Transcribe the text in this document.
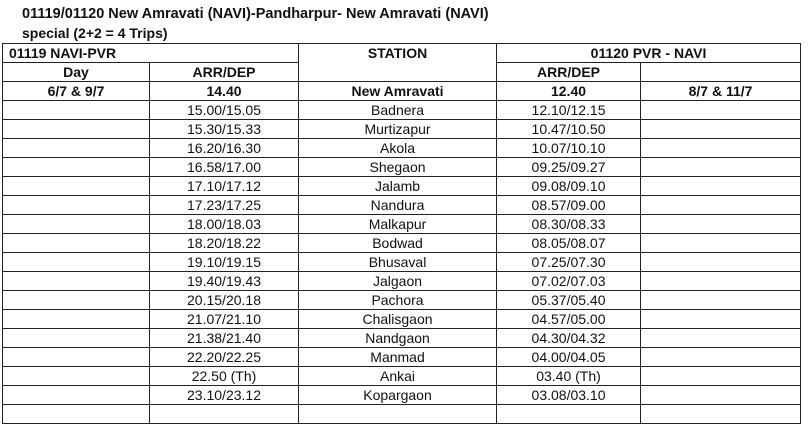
01119/01120 New Amravati (NAVI)-Pandharpur- New Amravati (NAVI)
special (2+2 = 4 Trips)
01119 NAVI-PVR		STATION	01120 PVR - NAVI	
Day	ARR/DEP		ARR/DEP	
6/7 & 9/7	14.40	New Amravati	12.40	8/7 & 11/7
	15.00/15.05	Badnera	12.10/12.15	
	15.30/15.33	Murtizapur	10.47/10.50	
	16.20/16.30	Akola	10.07/10.10	
	16.58/17.00	Shegaon	09.25/09.27	
	17.10/17.12	Jalamb	09.08/09.10	
	17.23/17.25	Nandura	08.57/09.00	
	18.00/18.03	Malkapur	08.30/08.33	
	18.20/18.22	Bodwad	08.05/08.07	
	19.10/19.15	Bhusaval	07.25/07.30	
	19.40/19.43	Jalgaon	07.02/07.03	
	20.15/20.18	Pachora	05.37/05.40	
	21.07/21.10	Chalisgaon	04.57/05.00	
	21.38/21.40	Nandgaon	04.30/04.32	
	22.20/22.25	Manmad	04.00/04.05	
	22.50 (Th)	Ankai	03.40 (Th)	
	23.10/23.12	Kopargaon	03.08/03.10	
